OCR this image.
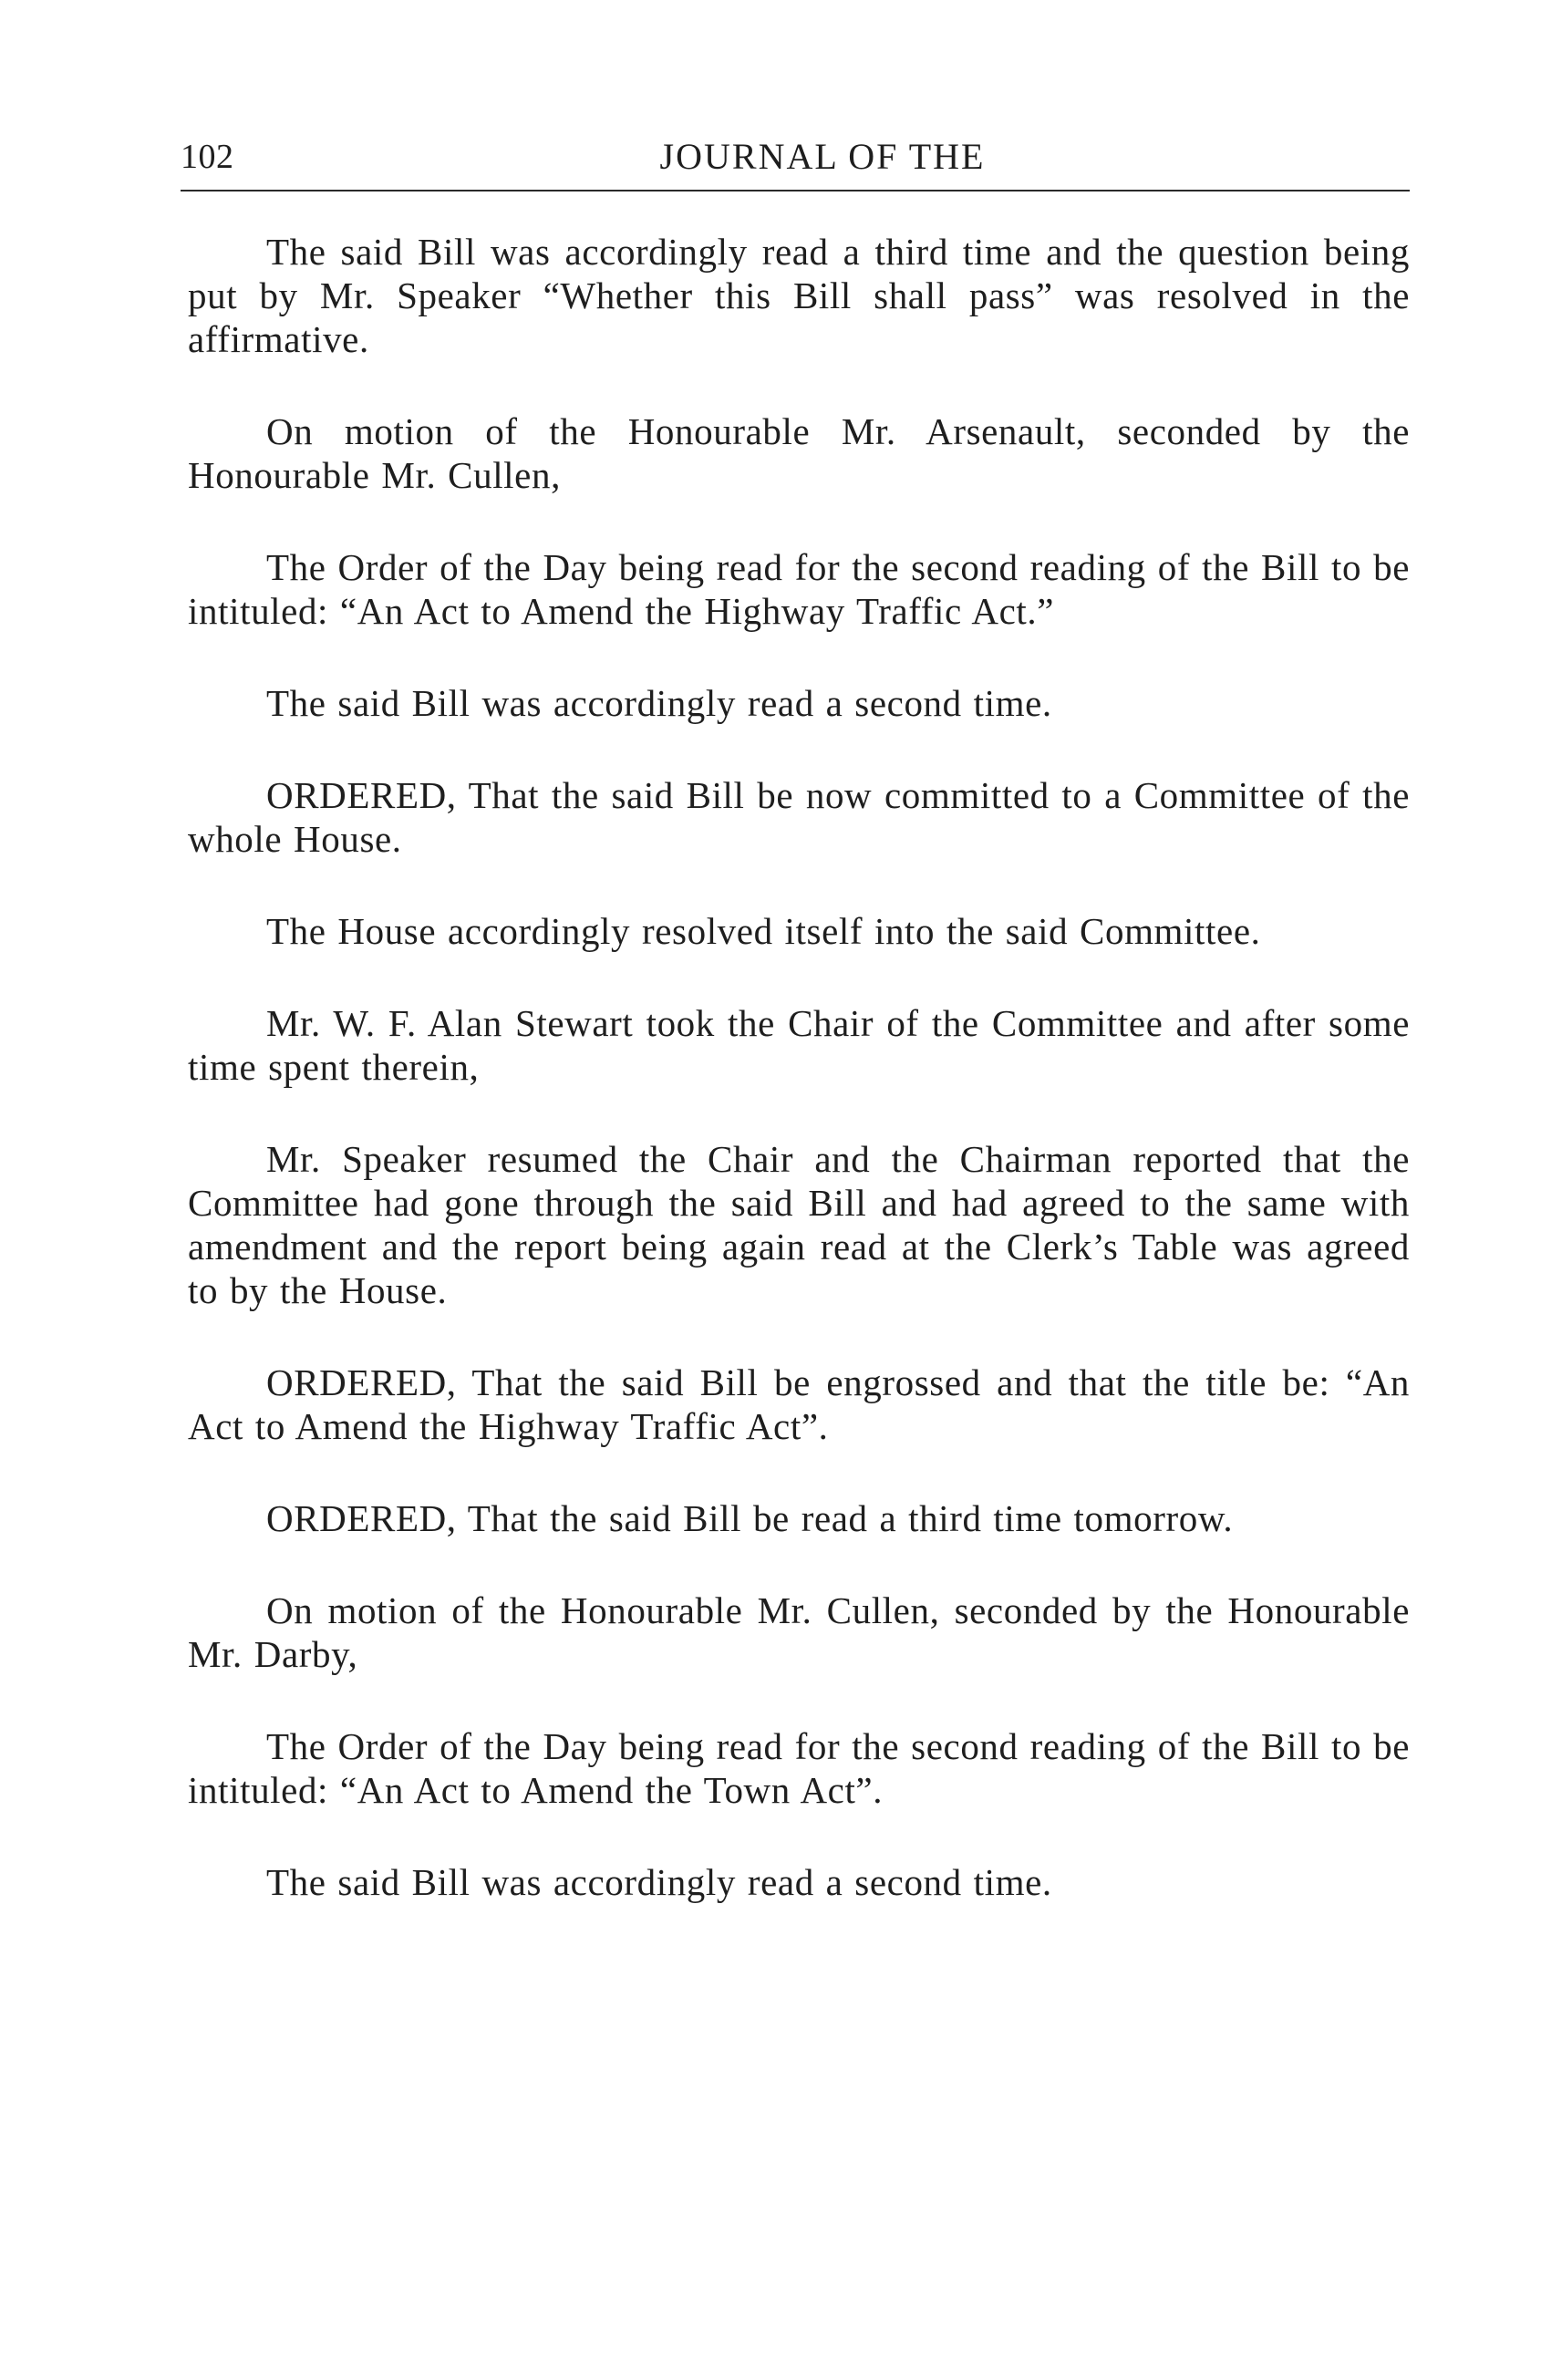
102	JOURNAL OF THE

The said Bill was accordingly read a third time and the question being put by Mr. Speaker “Whether this Bill shall pass” was resolved in the affirmative.

On motion of the Honourable Mr. Arsenault, seconded by the Honourable Mr. Cullen,

The Order of the Day being read for the second reading of the Bill to be intituled: “An Act to Amend the Highway Traffic Act.”

The said Bill was accordingly read a second time.

ORDERED, That the said Bill be now committed to a Committee of the whole House.

The House accordingly resolved itself into the said Committee.

Mr. W. F. Alan Stewart took the Chair of the Committee and after some time spent therein,

Mr. Speaker resumed the Chair and the Chairman reported that the Committee had gone through the said Bill and had agreed to the same with amendment and the report being again read at the Clerk’s Table was agreed to by the House.

ORDERED, That the said Bill be engrossed and that the title be: “An Act to Amend the Highway Traffic Act”.

ORDERED, That the said Bill be read a third time tomorrow.

On motion of the Honourable Mr. Cullen, seconded by the Honourable Mr. Darby,

The Order of the Day being read for the second reading of the Bill to be intituled: “An Act to Amend the Town Act”.

The said Bill was accordingly read a second time.
